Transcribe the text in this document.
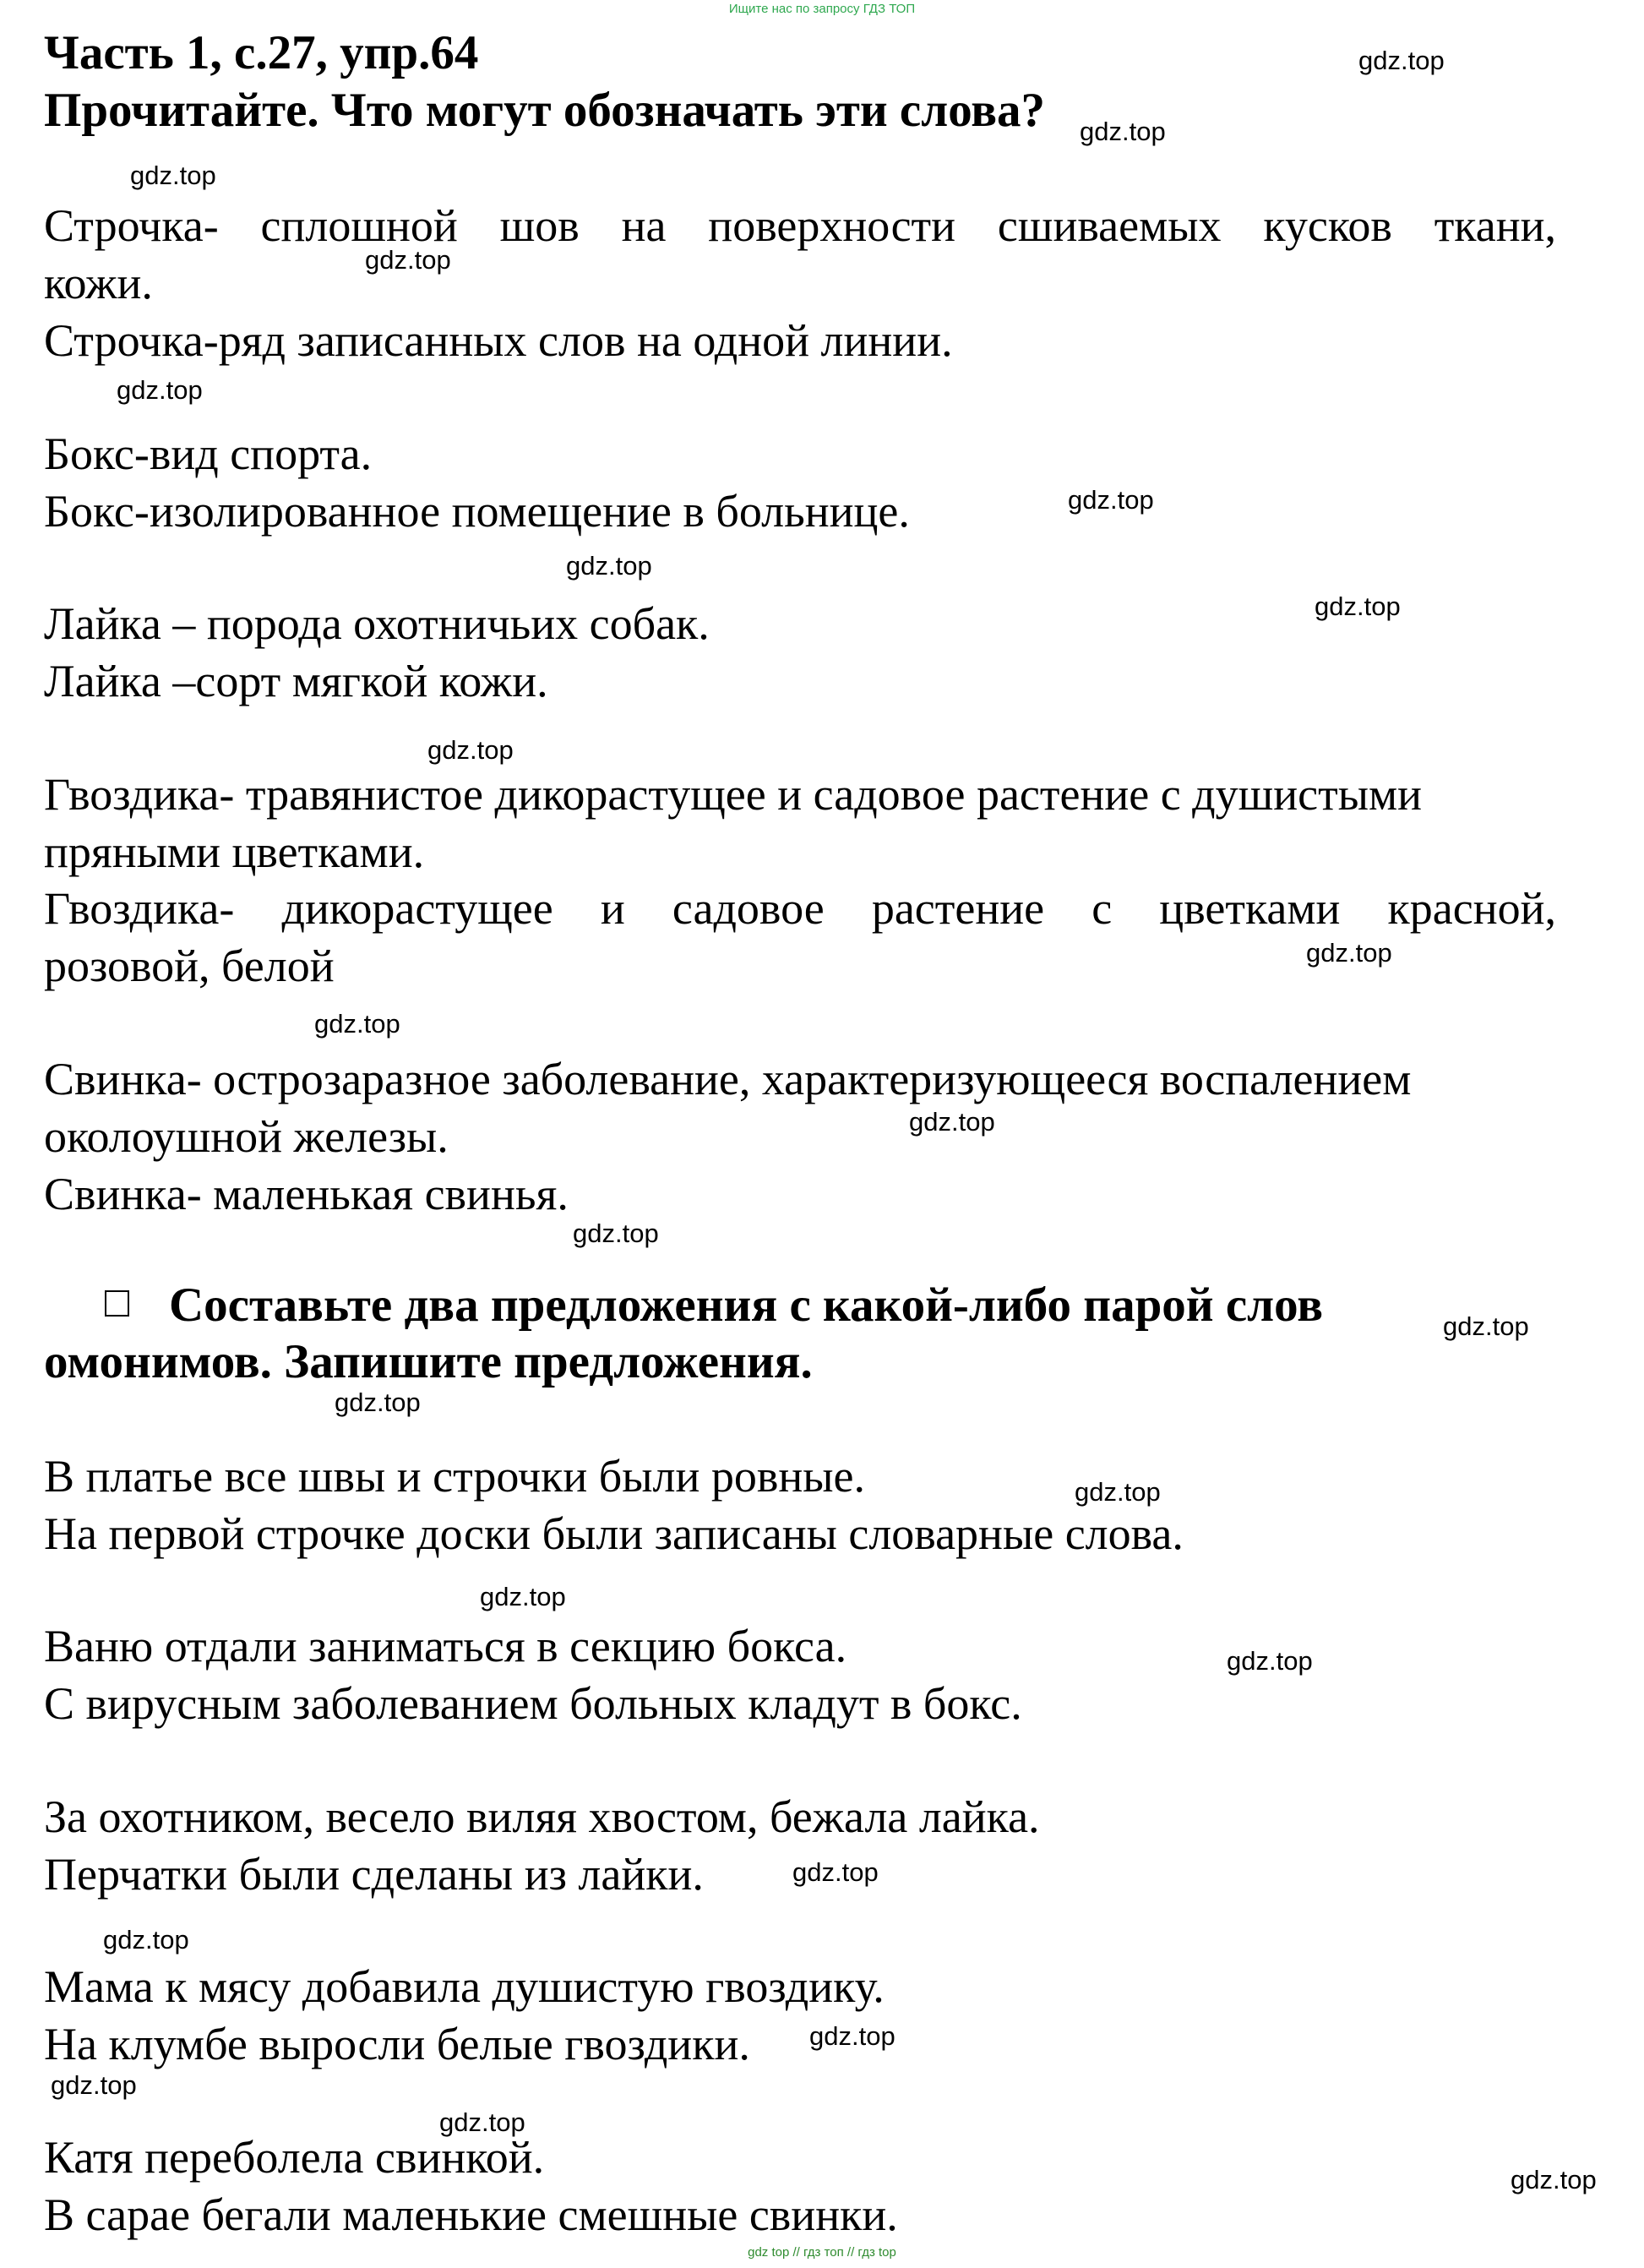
Ищите нас по запросу ГДЗ ТОП
Часть 1, с.27, упр.64
Прочитайте. Что могут обозначать эти слова?
Строчка- сплошной шов на поверхности сшиваемых кусков ткани,
кожи.
Строчка-ряд записанных слов на одной линии.
Бокс-вид спорта.
Бокс-изолированное помещение в больнице.
Лайка – порода охотничьих собак.
Лайка –сорт мягкой кожи.
Гвоздика- травянистое дикорастущее и садовое растение с душистыми
пряными цветками.
Гвоздика- дикорастущее и садовое растение с цветками красной,
розовой, белой
Свинка- острозаразное заболевание, характеризующееся воспалением
околоушной железы.
Свинка- маленькая свинья.
Составьте два предложения с какой-либо парой слов
омонимов. Запишите предложения.
В платье все швы и строчки были ровные.
На первой строчке доски были записаны словарные слова.
Ваню отдали заниматься в секцию бокса.
С вирусным заболеванием больных кладут в бокс.
За охотником, весело виляя хвостом, бежала лайка.
Перчатки были сделаны из лайки.
Мама к мясу добавила душистую гвоздику.
На клумбе выросли белые гвоздики.
Катя переболела свинкой.
В сарае бегали маленькие смешные свинки.
gdz.top
gdz.top
gdz.top
gdz.top
gdz.top
gdz.top
gdz.top
gdz.top
gdz.top
gdz.top
gdz.top
gdz.top
gdz.top
gdz.top
gdz.top
gdz.top
gdz.top
gdz.top
gdz.top
gdz.top
gdz.top
gdz.top
gdz.top
gdz.top
gdz top // гдз топ // гдз top
